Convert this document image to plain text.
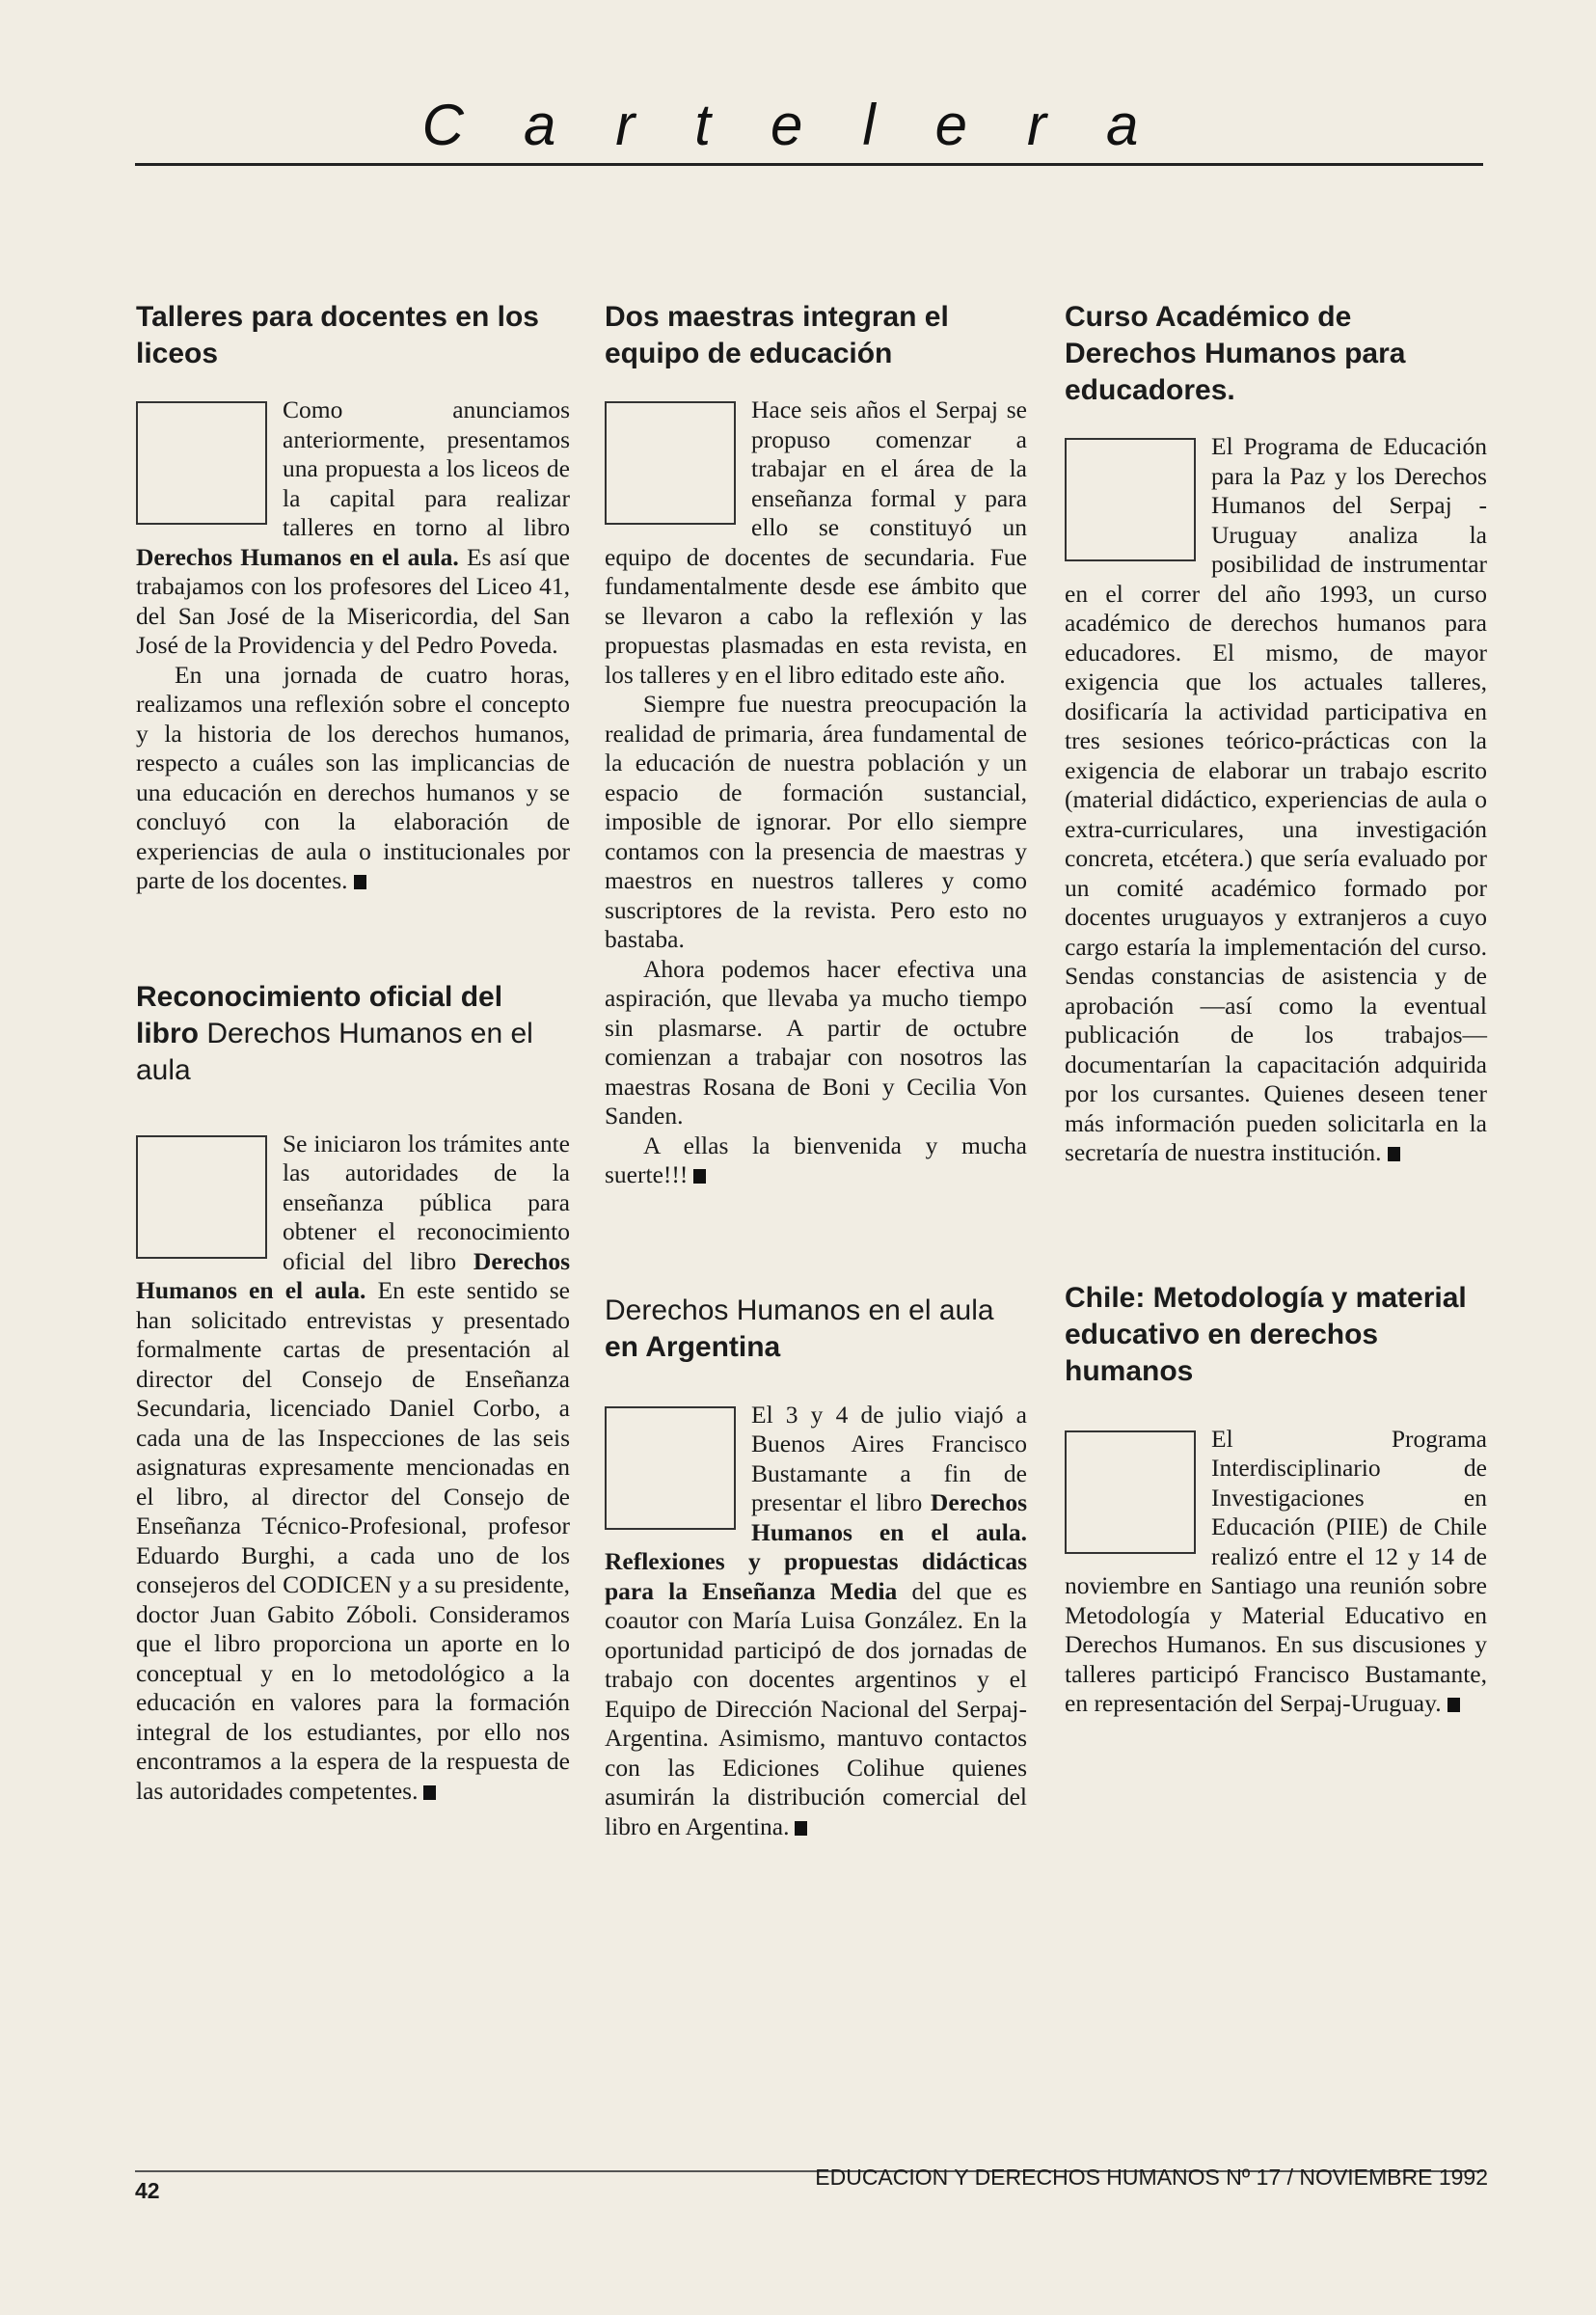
Cartelera
Talleres para docentes en los liceos

Como anunciamos anteriormente, presentamos una propuesta a los liceos de la capital para realizar talleres en torno al libro Derechos Humanos en el aula. Es así que trabajamos con los profesores del Liceo 41, del San José de la Misericordia, del San José de la Providencia y del Pedro Poveda.

En una jornada de cuatro horas, realizamos una reflexión sobre el concepto y la historia de los derechos humanos, respecto a cuáles son las implicancias de una educación en derechos humanos y se concluyó con la elaboración de experiencias de aula o institucionales por parte de los docentes.

Reconocimiento oficial del libro Derechos Humanos en el aula

Se iniciaron los trámites ante las autoridades de la enseñanza pública para obtener el reconocimiento oficial del libro Derechos Humanos en el aula. En este sentido se han solicitado entrevistas y presentado formalmente cartas de presentación al director del Consejo de Enseñanza Secundaria, licenciado Daniel Corbo, a cada una de las Inspecciones de las seis asignaturas expresamente mencionadas en el libro, al director del Consejo de Enseñanza Técnico-Profesional, profesor Eduardo Burghi, a cada uno de los consejeros del CODICEN y a su presidente, doctor Juan Gabito Zóboli. Consideramos que el libro proporciona un aporte en lo conceptual y en lo metodológico a la educación en valores para la formación integral de los estudiantes, por ello nos encontramos a la espera de la respuesta de las autoridades competentes.

Dos maestras integran el equipo de educación

Hace seis años el Serpaj se propuso comenzar a trabajar en el área de la enseñanza formal y para ello se constituyó un equipo de docentes de secundaria. Fue fundamentalmente desde ese ámbito que se llevaron a cabo la reflexión y las propuestas plasmadas en esta revista, en los talleres y en el libro editado este año.

Siempre fue nuestra preocupación la realidad de primaria, área fundamental de la educación de nuestra población y un espacio de formación sustancial, imposible de ignorar. Por ello siempre contamos con la presencia de maestras y maestros en nuestros talleres y como suscriptores de la revista. Pero esto no bastaba.

Ahora podemos hacer efectiva una aspiración, que llevaba ya mucho tiempo sin plasmarse. A partir de octubre comienzan a trabajar con nosotros las maestras Rosana de Boni y Cecilia Von Sanden.

A ellas la bienvenida y mucha suerte!!!

Derechos Humanos en el aula en Argentina

El 3 y 4 de julio viajó a Buenos Aires Francisco Bustamante a fin de presentar el libro Derechos Humanos en el aula. Reflexiones y propuestas didácticas para la Enseñanza Media del que es coautor con María Luisa González. En la oportunidad participó de dos jornadas de trabajo con docentes argentinos y el Equipo de Dirección Nacional del Serpaj-Argentina. Asimismo, mantuvo contactos con las Ediciones Colihue quienes asumirán la distribución comercial del libro en Argentina.

Curso Académico de Derechos Humanos para educadores.

El Programa de Educación para la Paz y los Derechos Humanos del Serpaj - Uruguay analiza la posibilidad de instrumentar en el correr del año 1993, un curso académico de derechos humanos para educadores. El mismo, de mayor exigencia que los actuales talleres, dosificaría la actividad participativa en tres sesiones teórico-prácticas con la exigencia de elaborar un trabajo escrito (material didáctico, experiencias de aula o extra-curriculares, una investigación concreta, etcétera.) que sería evaluado por un comité académico formado por docentes uruguayos y extranjeros a cuyo cargo estaría la implementación del curso. Sendas constancias de asistencia y de aprobación —así como la eventual publicación de los trabajos— documentarían la capacitación adquirida por los cursantes. Quienes deseen tener más información pueden solicitarla en la secretaría de nuestra institución.

Chile: Metodología y material educativo en derechos humanos

El Programa Interdisciplinario de Investigaciones en Educación (PIIE) de Chile realizó entre el 12 y 14 de noviembre en Santiago una reunión sobre Metodología y Material Educativo en Derechos Humanos. En sus discusiones y talleres participó Francisco Bustamante, en representación del Serpaj-Uruguay.

42
EDUCACION Y DERECHOS HUMANOS Nº 17 / NOVIEMBRE 1992
